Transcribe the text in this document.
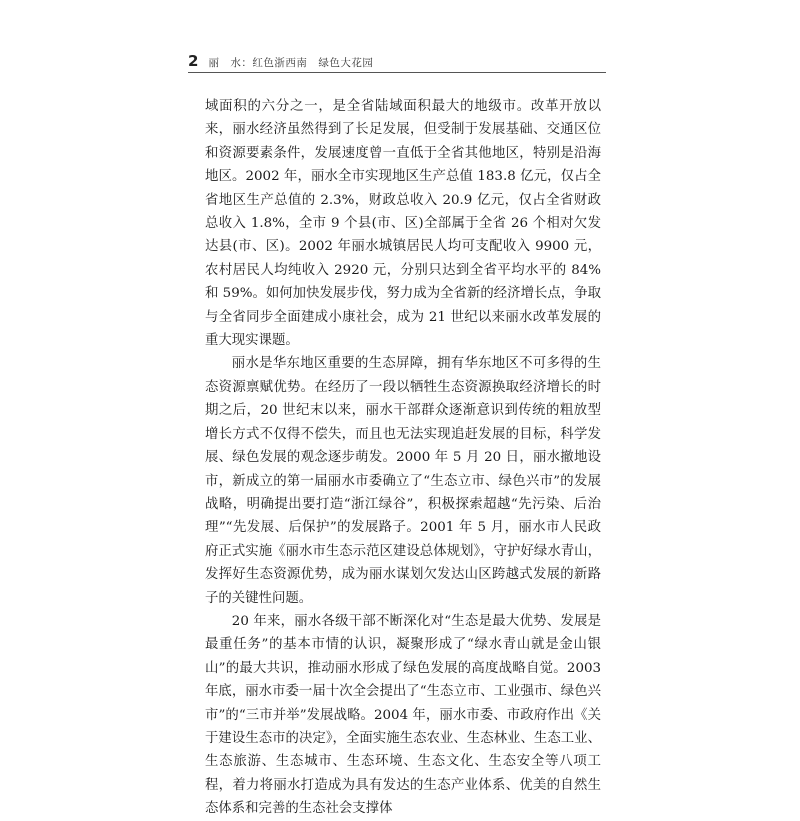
2 丽　水：红色浙西南　绿色大花园

域面积的六分之一，是全省陆域面积最大的地级市。改革开放以来，丽水经济虽然得到了长足发展，但受制于发展基础、交通区位和资源要素条件，发展速度曾一直低于全省其他地区，特别是沿海地区。2002 年，丽水全市实现地区生产总值 183.8 亿元，仅占全省地区生产总值的 2.3%，财政总收入 20.9 亿元，仅占全省财政总收入 1.8%，全市 9 个县(市、区)全部属于全省 26 个相对欠发达县(市、区)。2002 年丽水城镇居民人均可支配收入 9900 元，农村居民人均纯收入 2920 元，分别只达到全省平均水平的 84% 和 59%。如何加快发展步伐，努力成为全省新的经济增长点，争取与全省同步全面建成小康社会，成为 21 世纪以来丽水改革发展的重大现实课题。

丽水是华东地区重要的生态屏障，拥有华东地区不可多得的生态资源禀赋优势。在经历了一段以牺牲生态资源换取经济增长的时期之后，20 世纪末以来，丽水干部群众逐渐意识到传统的粗放型增长方式不仅得不偿失，而且也无法实现追赶发展的目标，科学发展、绿色发展的观念逐步萌发。2000 年 5 月 20 日，丽水撤地设市，新成立的第一届丽水市委确立了“生态立市、绿色兴市”的发展战略，明确提出要打造“浙江绿谷”，积极探索超越“先污染、后治理”“先发展、后保护”的发展路子。2001 年 5 月，丽水市人民政府正式实施《丽水市生态示范区建设总体规划》，守护好绿水青山，发挥好生态资源优势，成为丽水谋划欠发达山区跨越式发展的新路子的关键性问题。

20 年来，丽水各级干部不断深化对“生态是最大优势、发展是最重任务”的基本市情的认识，凝聚形成了“绿水青山就是金山银山”的最大共识，推动丽水形成了绿色发展的高度战略自觉。2003 年底，丽水市委一届十次全会提出了“生态立市、工业强市、绿色兴市”的“三市并举”发展战略。2004 年，丽水市委、市政府作出《关于建设生态市的决定》，全面实施生态农业、生态林业、生态工业、生态旅游、生态城市、生态环境、生态文化、生态安全等八项工程，着力将丽水打造成为具有发达的生态产业体系、优美的自然生态体系和完善的生态社会支撑体
